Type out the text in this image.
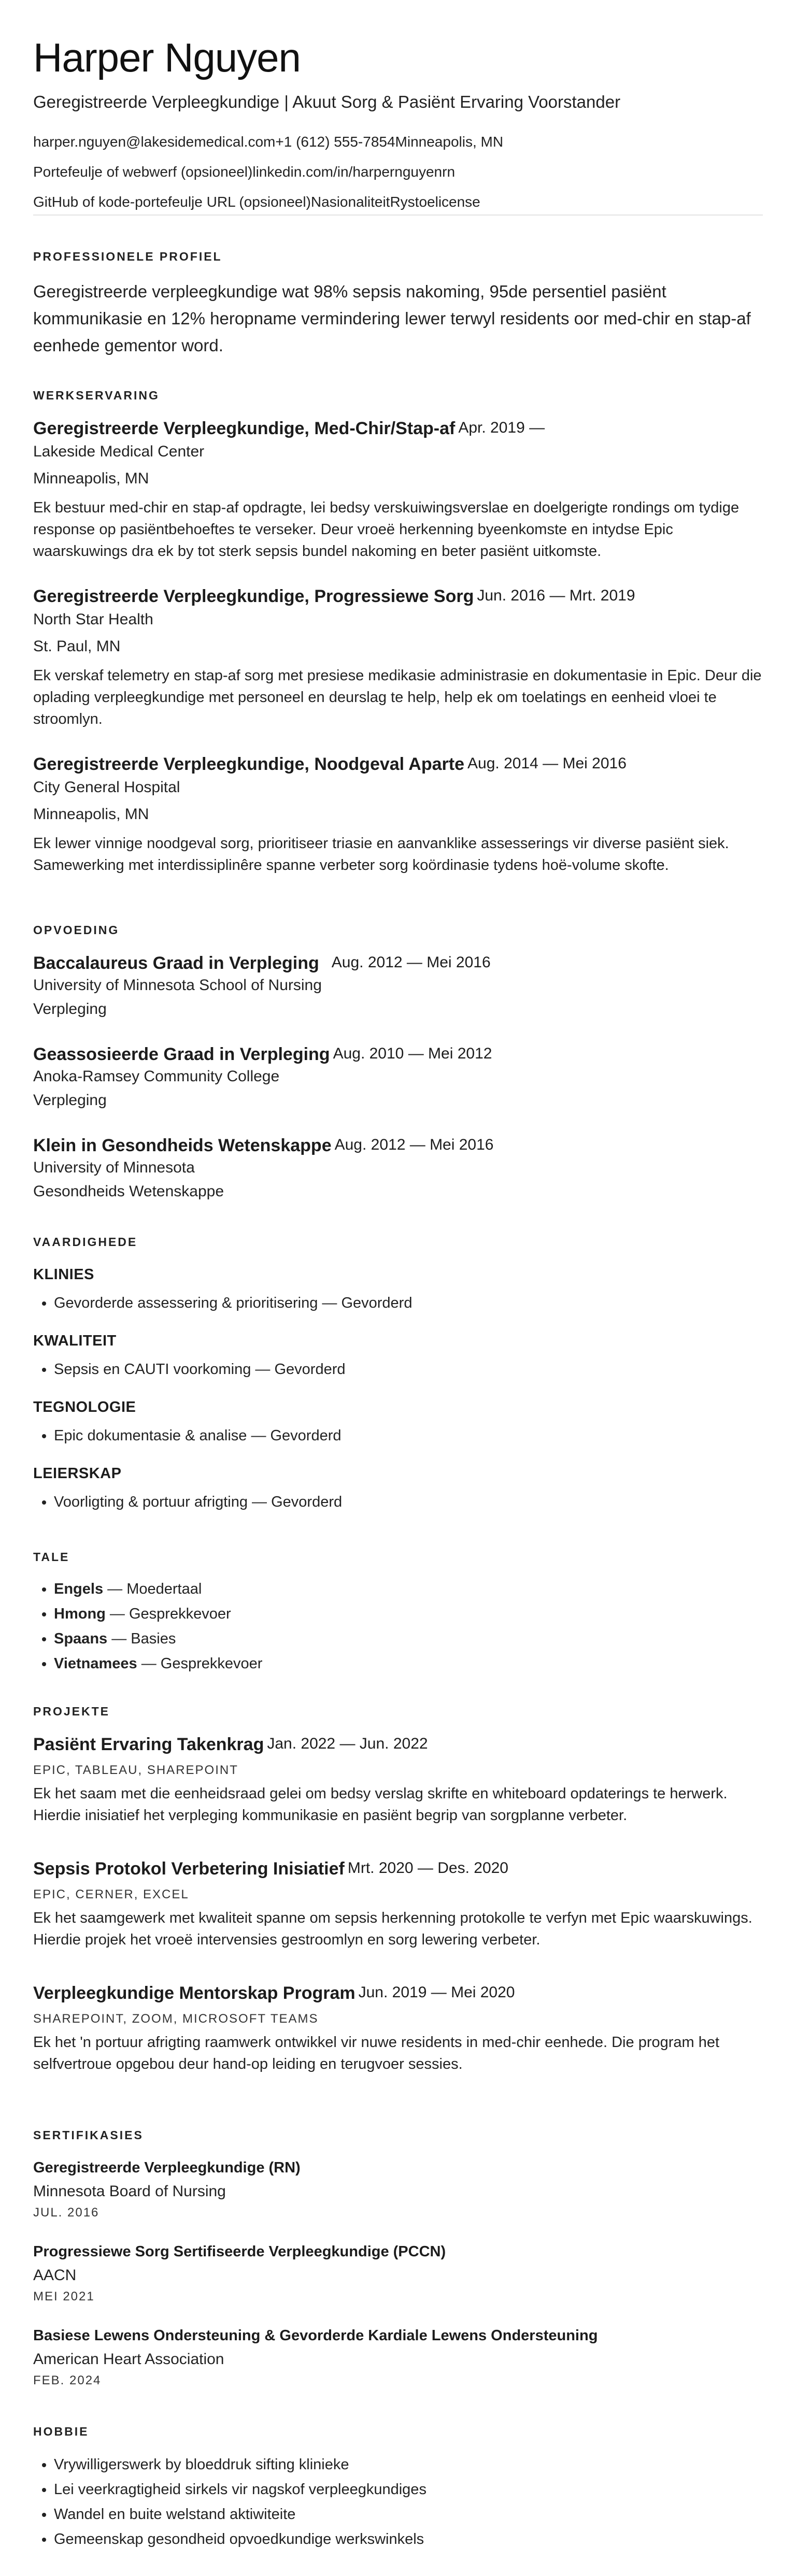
Harper Nguyen
Geregistreerde Verpleegkundige | Akuut Sorg & Pasiënt Ervaring Voorstander
harper.nguyen@lakesidemedical.com+1 (612) 555-7854Minneapolis, MN
Portefeulje of webwerf (opsioneel)linkedin.com/in/harpernguyenrn
GitHub of kode-portefeulje URL (opsioneel)NasionaliteitRystoelicense
PROFESSIONELE PROFIEL
Geregistreerde verpleegkundige wat 98% sepsis nakoming, 95de persentiel pasiënt kommunikasie en 12% heropname vermindering lewer terwyl residents oor med-chir en stap-af eenhede gementor word.
WERKSERVARING
Geregistreerde Verpleegkundige, Med-Chir/Stap-af Apr. 2019 —
Lakeside Medical Center
Minneapolis, MN
Ek bestuur med-chir en stap-af opdragte, lei bedsy verskuiwingsverslae en doelgerigte rondings om tydige response op pasiëntbehoeftes te verseker. Deur vroeë herkenning byeenkomste en intydse Epic waarskuwings dra ek by tot sterk sepsis bundel nakoming en beter pasiënt uitkomste.
Geregistreerde Verpleegkundige, Progressiewe Sorg Jun. 2016 — Mrt. 2019
North Star Health
St. Paul, MN
Ek verskaf telemetry en stap-af sorg met presiese medikasie administrasie en dokumentasie in Epic. Deur die oplading verpleegkundige met personeel en deurslag te help, help ek om toelatings en eenheid vloei te stroomlyn.
Geregistreerde Verpleegkundige, Noodgeval Aparte Aug. 2014 — Mei 2016
City General Hospital
Minneapolis, MN
Ek lewer vinnige noodgeval sorg, prioritiseer triasie en aanvanklike assesserings vir diverse pasiënt siek. Samewerking met interdissiplinêre spanne verbeter sorg koördinasie tydens hoë-volume skofte.
OPVOEDING
Baccalaureus Graad in Verpleging Aug. 2012 — Mei 2016
University of Minnesota School of Nursing
Verpleging
Geassosieerde Graad in Verpleging Aug. 2010 — Mei 2012
Anoka-Ramsey Community College
Verpleging
Klein in Gesondheids Wetenskappe Aug. 2012 — Mei 2016
University of Minnesota
Gesondheids Wetenskappe
VAARDIGHEDE
KLINIES
• Gevorderde assessering & prioritisering — Gevorderd
KWALITEIT
• Sepsis en CAUTI voorkoming — Gevorderd
TEGNOLOGIE
• Epic dokumentasie & analise — Gevorderd
LEIERSKAP
• Voorligting & portuur afrigting — Gevorderd
TALE
• Engels — Moedertaal
• Hmong — Gesprekkevoer
• Spaans — Basies
• Vietnamees — Gesprekkevoer
PROJEKTE
Pasiënt Ervaring Takenkrag Jan. 2022 — Jun. 2022
EPIC, TABLEAU, SHAREPOINT
Ek het saam met die eenheidsraad gelei om bedsy verslag skrifte en whiteboard opdaterings te herwerk. Hierdie inisiatief het verpleging kommunikasie en pasiënt begrip van sorgplanne verbeter.
Sepsis Protokol Verbetering Inisiatief Mrt. 2020 — Des. 2020
EPIC, CERNER, EXCEL
Ek het saamgewerk met kwaliteit spanne om sepsis herkenning protokolle te verfyn met Epic waarskuwings. Hierdie projek het vroeë intervensies gestroomlyn en sorg lewering verbeter.
Verpleegkundige Mentorskap Program Jun. 2019 — Mei 2020
SHAREPOINT, ZOOM, MICROSOFT TEAMS
Ek het 'n portuur afrigting raamwerk ontwikkel vir nuwe residents in med-chir eenhede. Die program het selfvertroue opgebou deur hand-op leiding en terugvoer sessies.
SERTIFIKASIES
Geregistreerde Verpleegkundige (RN)
Minnesota Board of Nursing
JUL. 2016
Progressiewe Sorg Sertifiseerde Verpleegkundige (PCCN)
AACN
MEI 2021
Basiese Lewens Ondersteuning & Gevorderde Kardiale Lewens Ondersteuning
American Heart Association
FEB. 2024
HOBBIE
• Vrywilligerswerk by bloeddruk sifting klinieke
• Lei veerkragtigheid sirkels vir nagskof verpleegkundiges
• Wandel en buite welstand aktiwiteite
• Gemeenskap gesondheid opvoedkundige werkswinkels
